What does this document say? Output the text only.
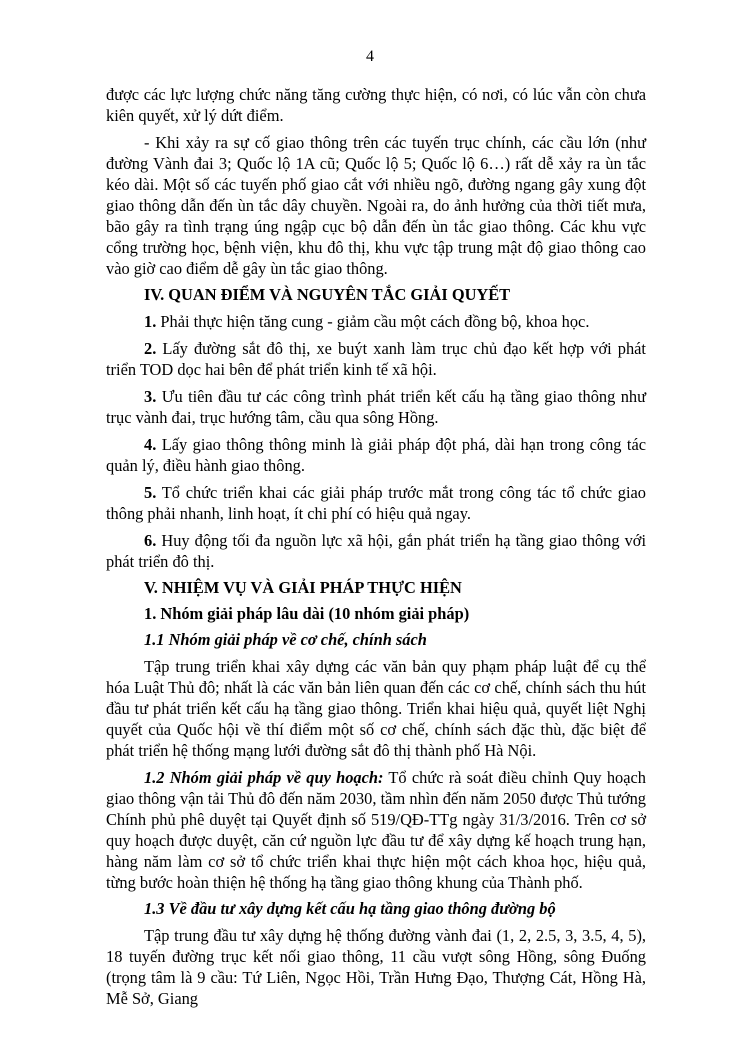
4

được các lực lượng chức năng tăng cường thực hiện, có nơi, có lúc vẫn còn chưa kiên quyết, xử lý dứt điểm.

- Khi xảy ra sự cố giao thông trên các tuyến trục chính, các cầu lớn (như đường Vành đai 3; Quốc lộ 1A cũ; Quốc lộ 5; Quốc lộ 6…) rất dễ xảy ra ùn tắc kéo dài. Một số các tuyến phố giao cắt với nhiều ngõ, đường ngang gây xung đột giao thông dẫn đến ùn tắc dây chuyền. Ngoài ra, do ảnh hưởng của thời tiết mưa, bão gây ra tình trạng úng ngập cục bộ dẫn đến ùn tắc giao thông. Các khu vực cổng trường học, bệnh viện, khu đô thị, khu vực tập trung mật độ giao thông cao vào giờ cao điểm dễ gây ùn tắc giao thông.

IV. QUAN ĐIỂM VÀ NGUYÊN TẮC GIẢI QUYẾT

1. Phải thực hiện tăng cung - giảm cầu một cách đồng bộ, khoa học.

2. Lấy đường sắt đô thị, xe buýt xanh làm trục chủ đạo kết hợp với phát triển TOD dọc hai bên để phát triển kinh tế xã hội.

3. Ưu tiên đầu tư các công trình phát triển kết cấu hạ tầng giao thông như trục vành đai, trục hướng tâm, cầu qua sông Hồng.

4. Lấy giao thông thông minh là giải pháp đột phá, dài hạn trong công tác quản lý, điều hành giao thông.

5. Tổ chức triển khai các giải pháp trước mắt trong công tác tổ chức giao thông phải nhanh, linh hoạt, ít chi phí có hiệu quả ngay.

6. Huy động tối đa nguồn lực xã hội, gắn phát triển hạ tầng giao thông với phát triển đô thị.

V. NHIỆM VỤ VÀ GIẢI PHÁP THỰC HIỆN

1. Nhóm giải pháp lâu dài (10 nhóm giải pháp)

1.1 Nhóm giải pháp về cơ chế, chính sách

Tập trung triển khai xây dựng các văn bản quy phạm pháp luật để cụ thể hóa Luật Thủ đô; nhất là các văn bản liên quan đến các cơ chế, chính sách thu hút đầu tư phát triển kết cấu hạ tầng giao thông. Triển khai hiệu quả, quyết liệt Nghị quyết của Quốc hội về thí điểm một số cơ chế, chính sách đặc thù, đặc biệt để phát triển hệ thống mạng lưới đường sắt đô thị thành phố Hà Nội.

1.2 Nhóm giải pháp về quy hoạch: Tổ chức rà soát điều chỉnh Quy hoạch giao thông vận tải Thủ đô đến năm 2030, tầm nhìn đến năm 2050 được Thủ tướng Chính phủ phê duyệt tại Quyết định số 519/QĐ-TTg ngày 31/3/2016. Trên cơ sở quy hoạch được duyệt, căn cứ nguồn lực đầu tư để xây dựng kế hoạch trung hạn, hàng năm làm cơ sở tổ chức triển khai thực hiện một cách khoa học, hiệu quả, từng bước hoàn thiện hệ thống hạ tầng giao thông khung của Thành phố.

1.3 Về đầu tư xây dựng kết cấu hạ tầng giao thông đường bộ

Tập trung đầu tư xây dựng hệ thống đường vành đai (1, 2, 2.5, 3, 3.5, 4, 5), 18 tuyến đường trục kết nối giao thông, 11 cầu vượt sông Hồng, sông Đuống (trọng tâm là 9 cầu: Tứ Liên, Ngọc Hồi, Trần Hưng Đạo, Thượng Cát, Hồng Hà, Mễ Sở, Giang
